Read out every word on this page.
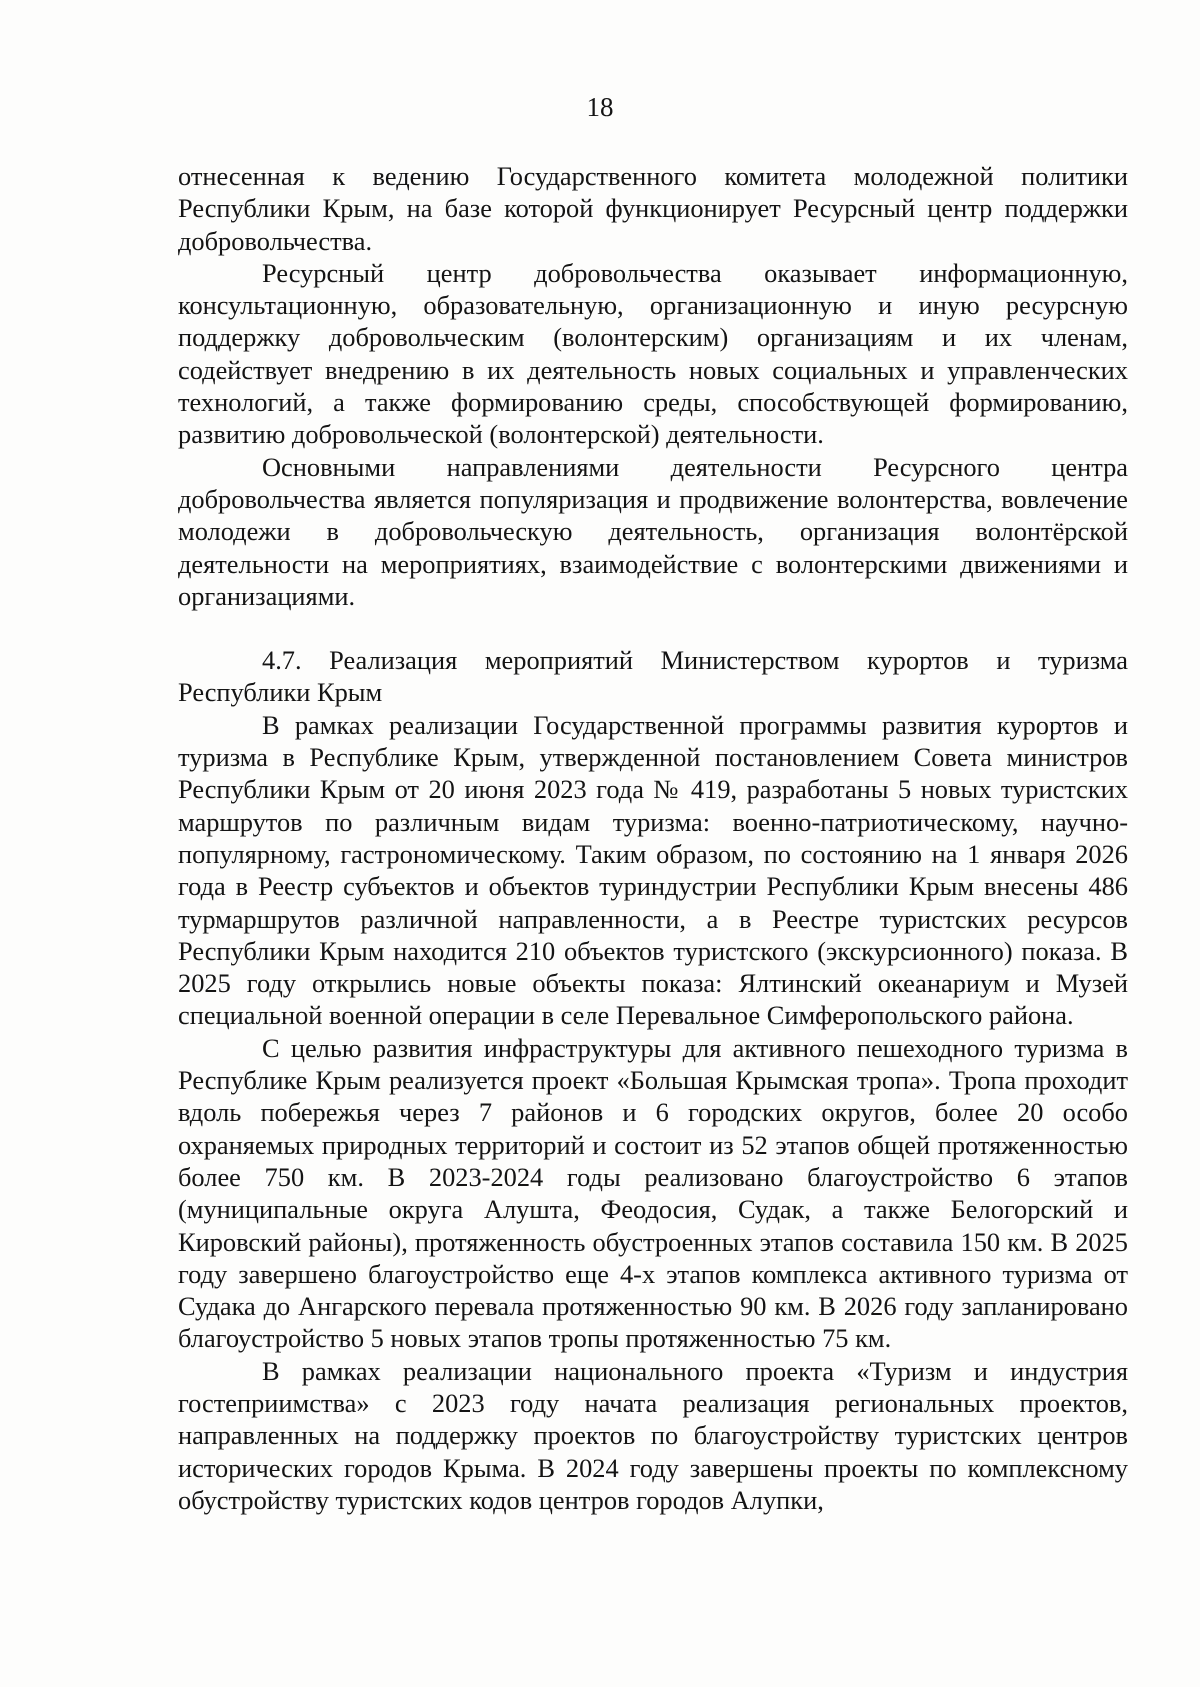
18

отнесенная к ведению Государственного комитета молодежной политики Республики Крым, на базе которой функционирует Ресурсный центр поддержки добровольчества.

Ресурсный центр добровольчества оказывает информационную, консультационную, образовательную, организационную и иную ресурсную поддержку добровольческим (волонтерским) организациям и их членам, содействует внедрению в их деятельность новых социальных и управленческих технологий, а также формированию среды, способствующей формированию, развитию добровольческой (волонтерской) деятельности.

Основными направлениями деятельности Ресурсного центра добровольчества является популяризация и продвижение волонтерства, вовлечение молодежи в добровольческую деятельность, организация волонтёрской деятельности на мероприятиях, взаимодействие с волонтерскими движениями и организациями.

4.7. Реализация мероприятий Министерством курортов и туризма Республики Крым

В рамках реализации Государственной программы развития курортов и туризма в Республике Крым, утвержденной постановлением Совета министров Республики Крым от 20 июня 2023 года № 419, разработаны 5 новых туристских маршрутов по различным видам туризма: военно-патриотическому, научно-популярному, гастрономическому. Таким образом, по состоянию на 1 января 2026 года в Реестр субъектов и объектов туриндустрии Республики Крым внесены 486 турмаршрутов различной направленности, а в Реестре туристских ресурсов Республики Крым находится 210 объектов туристского (экскурсионного) показа. В 2025 году открылись новые объекты показа: Ялтинский океанариум и Музей специальной военной операции в селе Перевальное Симферопольского района.

С целью развития инфраструктуры для активного пешеходного туризма в Республике Крым реализуется проект «Большая Крымская тропа». Тропа проходит вдоль побережья через 7 районов и 6 городских округов, более 20 особо охраняемых природных территорий и состоит из 52 этапов общей протяженностью более 750 км. В 2023-2024 годы реализовано благоустройство 6 этапов (муниципальные округа Алушта, Феодосия, Судак, а также Белогорский и Кировский районы), протяженность обустроенных этапов составила 150 км. В 2025 году завершено благоустройство еще 4-х этапов комплекса активного туризма от Судака до Ангарского перевала протяженностью 90 км. В 2026 году запланировано благоустройство 5 новых этапов тропы протяженностью 75 км.

В рамках реализации национального проекта «Туризм и индустрия гостеприимства» с 2023 году начата реализация региональных проектов, направленных на поддержку проектов по благоустройству туристских центров исторических городов Крыма. В 2024 году завершены проекты по комплексному обустройству туристских кодов центров городов Алупки,
